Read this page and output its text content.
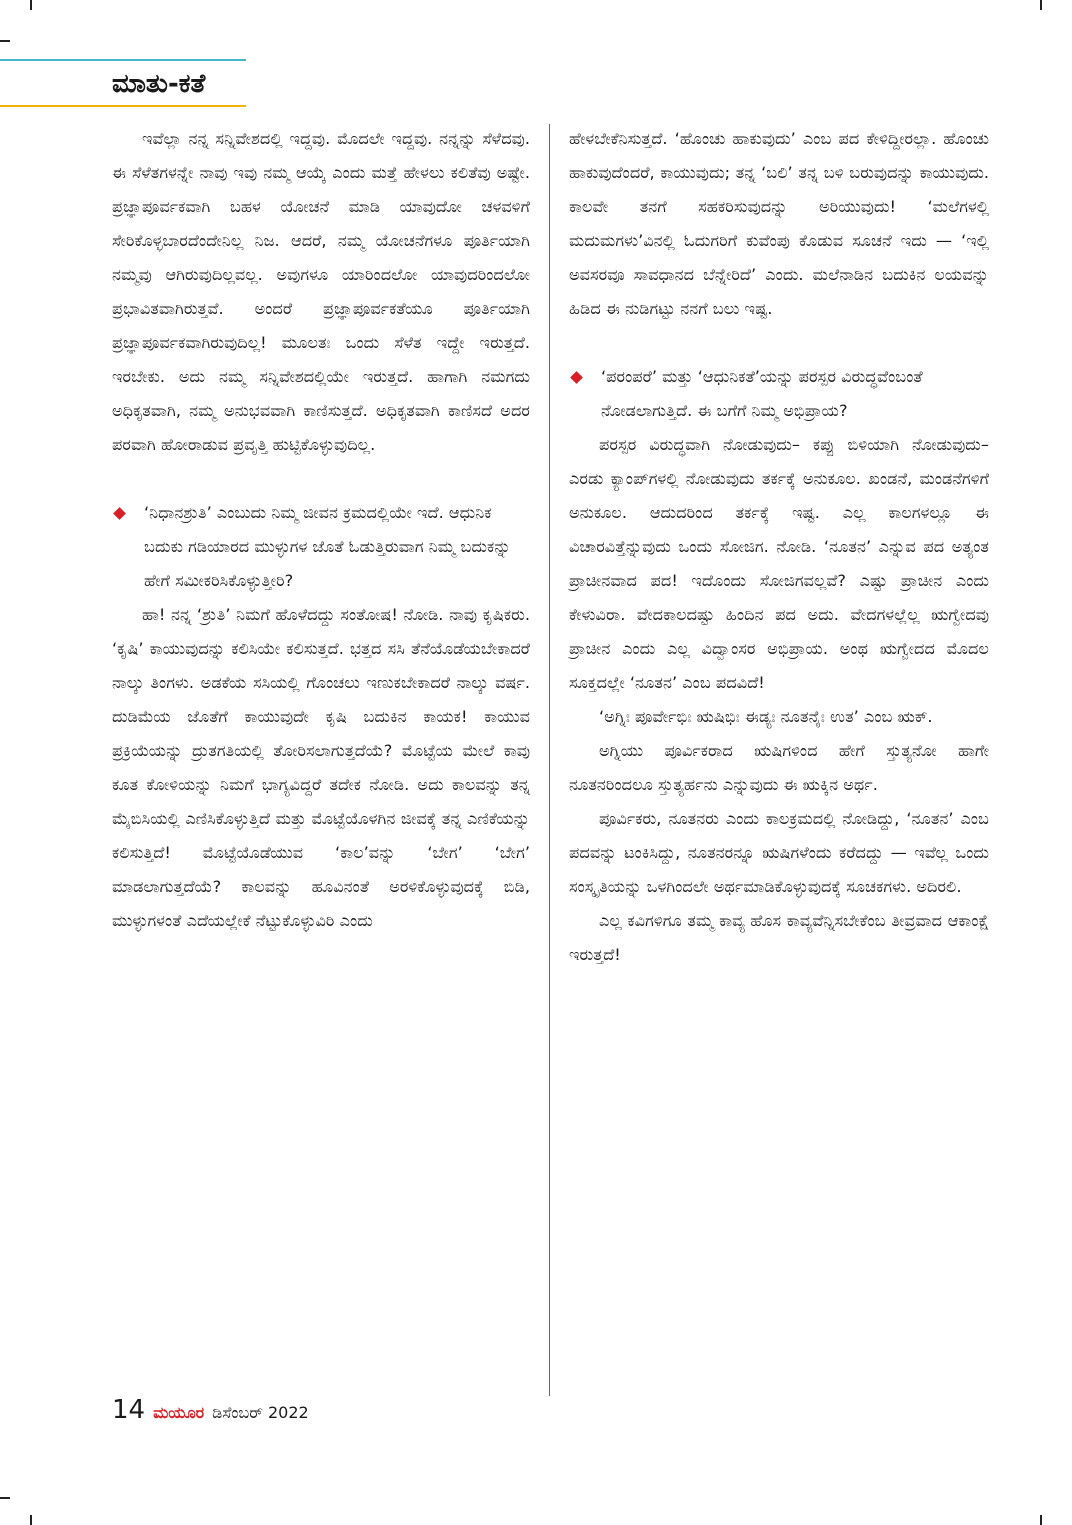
ಮಾತು-ಕತೆ

ಇವೆಲ್ಲಾ ನನ್ನ ಸನ್ನಿವೇಶದಲ್ಲಿ ಇದ್ದವು. ಮೊದಲೇ ಇದ್ದವು. ನನ್ನನ್ನು ಸೆಳೆದವು. ಈ ಸೆಳೆತಗಳನ್ನೇ ನಾವು ಇವು ನಮ್ಮ ಆಯ್ಕೆ ಎಂದು ಮತ್ತೆ ಹೇಳಲು ಕಲಿತೆವು ಅಷ್ಟೇ. ಪ್ರಜ್ಞಾಪೂರ್ವಕವಾಗಿ ಬಹಳ ಯೋಚನೆ ಮಾಡಿ ಯಾವುದೋ ಚಳವಳಿಗೆ ಸೇರಿಕೊಳ್ಳಬಾರದೆಂದೇನಿಲ್ಲ ನಿಜ. ಆದರೆ, ನಮ್ಮ ಯೋಚನೆಗಳೂ ಪೂರ್ತಿಯಾಗಿ ನಮ್ಮವು ಆಗಿರುವುದಿಲ್ಲವಲ್ಲ. ಅವುಗಳೂ ಯಾರಿಂದಲೋ ಯಾವುದರಿಂದಲೋ ಪ್ರಭಾವಿತವಾಗಿರುತ್ತವೆ. ಅಂದರೆ ಪ್ರಜ್ಞಾಪೂರ್ವಕತೆಯೂ ಪೂರ್ತಿಯಾಗಿ ಪ್ರಜ್ಞಾಪೂರ್ವಕವಾಗಿರುವುದಿಲ್ಲ! ಮೂಲತಃ ಒಂದು ಸೆಳೆತ ಇದ್ದೇ ಇರುತ್ತದೆ. ಇರಬೇಕು. ಅದು ನಮ್ಮ ಸನ್ನಿವೇಶದಲ್ಲಿಯೇ ಇರುತ್ತದೆ. ಹಾಗಾಗಿ ನಮಗದು ಅಧಿಕೃತವಾಗಿ, ನಮ್ಮ ಅನುಭವವಾಗಿ ಕಾಣಿಸುತ್ತದೆ. ಅಧಿಕೃತವಾಗಿ ಕಾಣಿಸದೆ ಅದರ ಪರವಾಗಿ ಹೋರಾಡುವ ಪ್ರವೃತ್ತಿ ಹುಟ್ಟಿಕೊಳ್ಳುವುದಿಲ್ಲ.

‘ನಿಧಾನಶ್ರುತಿ’ ಎಂಬುದು ನಿಮ್ಮ ಜೀವನ ಕ್ರಮದಲ್ಲಿಯೇ ಇದೆ. ಆಧುನಿಕ ಬದುಕು ಗಡಿಯಾರದ ಮುಳ್ಳುಗಳ ಜೊತೆ ಓಡುತ್ತಿರುವಾಗ ನಿಮ್ಮ ಬದುಕನ್ನು ಹೇಗೆ ಸಮೀಕರಿಸಿಕೊಳ್ಳುತ್ತೀರಿ?

ಹಾ! ನನ್ನ ‘ಶ್ರುತಿ’ ನಿಮಗೆ ಹೊಳೆದದ್ದು ಸಂತೋಷ! ನೋಡಿ. ನಾವು ಕೃಷಿಕರು. ‘ಕೃಷಿ’ ಕಾಯುವುದನ್ನು ಕಲಿಸಿಯೇ ಕಲಿಸುತ್ತದೆ. ಭತ್ತದ ಸಸಿ ತೆನೆಯೊಡೆಯಬೇಕಾದರೆ ನಾಲ್ಕು ತಿಂಗಳು. ಅಡಕೆಯ ಸಸಿಯಲ್ಲಿ ಗೊಂಚಲು ಇಣುಕಬೇಕಾದರೆ ನಾಲ್ಕು ವರ್ಷ. ದುಡಿಮೆಯ ಜೊತೆಗೆ ಕಾಯುವುದೇ ಕೃಷಿ ಬದುಕಿನ ಕಾಯಕ! ಕಾಯುವ ಪ್ರಕ್ರಿಯೆಯನ್ನು ದ್ರುತಗತಿಯಲ್ಲಿ ತೋರಿಸಲಾಗುತ್ತದೆಯೆ? ಮೊಟ್ಟೆಯ ಮೇಲೆ ಕಾವು ಕೂತ ಕೋಳಿಯನ್ನು ನಿಮಗೆ ಭಾಗ್ಯವಿದ್ದರೆ ತದೇಕ ನೋಡಿ. ಅದು ಕಾಲವನ್ನು ತನ್ನ ಮೈಬಿಸಿಯಲ್ಲಿ ಎಣಿಸಿಕೊಳ್ಳುತ್ತಿದೆ ಮತ್ತು ಮೊಟ್ಟೆಯೊಳಗಿನ ಜೀವಕ್ಕೆ ತನ್ನ ಎಣಿಕೆಯನ್ನು ಕಲಿಸುತ್ತಿದೆ! ಮೊಟ್ಟೆಯೊಡೆಯುವ ‘ಕಾಲ’ವನ್ನು ‘ಬೇಗ’ ‘ಬೇಗ’ ಮಾಡಲಾಗುತ್ತದೆಯೆ? ಕಾಲವನ್ನು ಹೂವಿನಂತೆ ಅರಳಿಕೊಳ್ಳುವುದಕ್ಕೆ ಬಿಡಿ, ಮುಳ್ಳುಗಳಂತೆ ಎದೆಯಲ್ಲೇಕೆ ನೆಟ್ಟುಕೊಳ್ಳುವಿರಿ ಎಂದು

ಹೇಳಬೇಕೆನಿಸುತ್ತದೆ. ‘ಹೊಂಚು ಹಾಕುವುದು’ ಎಂಬ ಪದ ಕೇಳಿದ್ದೀರಲ್ಲಾ. ಹೊಂಚು ಹಾಕುವುದೆಂದರೆ, ಕಾಯುವುದು; ತನ್ನ ‘ಬಲಿ’ ತನ್ನ ಬಳಿ ಬರುವುದನ್ನು ಕಾಯುವುದು. ಕಾಲವೇ ತನಗೆ ಸಹಕರಿಸುವುದನ್ನು ಅರಿಯುವುದು! ‘ಮಲೆಗಳಲ್ಲಿ ಮದುಮಗಳು’ವಿನಲ್ಲಿ ಓದುಗರಿಗೆ ಕುವೆಂಪು ಕೊಡುವ ಸೂಚನೆ ಇದು — ‘ಇಲ್ಲಿ ಅವಸರವೂ ಸಾವಧಾನದ ಬೆನ್ನೇರಿದೆ’ ಎಂದು. ಮಲೆನಾಡಿನ ಬದುಕಿನ ಲಯವನ್ನು ಹಿಡಿದ ಈ ನುಡಿಗಟ್ಟು ನನಗೆ ಬಲು ಇಷ್ಟ.

‘ಪರಂಪರೆ’ ಮತ್ತು ‘ಆಧುನಿಕತೆ’ಯನ್ನು ಪರಸ್ಪರ ವಿರುದ್ಧವೆಂಬಂತೆ ನೋಡಲಾಗುತ್ತಿದೆ. ಈ ಬಗೆಗೆ ನಿಮ್ಮ ಅಭಿಪ್ರಾಯ?

ಪರಸ್ಪರ ವಿರುದ್ಧವಾಗಿ ನೋಡುವುದು– ಕಪ್ಪು ಬಿಳಿಯಾಗಿ ನೋಡುವುದು– ಎರಡು ಕ್ಯಾಂಪ್‌ಗಳಲ್ಲಿ ನೋಡುವುದು ತರ್ಕಕ್ಕೆ ಅನುಕೂಲ. ಖಂಡನೆ, ಮಂಡನೆಗಳಿಗೆ ಅನುಕೂಲ. ಆದುದರಿಂದ ತರ್ಕಕ್ಕೆ ಇಷ್ಟ. ಎಲ್ಲ ಕಾಲಗಳಲ್ಲೂ ಈ ವಿಚಾರವಿತ್ತೆನ್ನುವುದು ಒಂದು ಸೋಜಿಗ. ನೋಡಿ. ‘ನೂತನ’ ಎನ್ನುವ ಪದ ಅತ್ಯಂತ ಪ್ರಾಚೀನವಾದ ಪದ! ಇದೊಂದು ಸೋಜಿಗವಲ್ಲವೆ? ಎಷ್ಟು ಪ್ರಾಚೀನ ಎಂದು ಕೇಳುವಿರಾ. ವೇದಕಾಲದಷ್ಟು ಹಿಂದಿನ ಪದ ಅದು. ವೇದಗಳಲ್ಲೆಲ್ಲ ಋಗ್ವೇದವು ಪ್ರಾಚೀನ ಎಂದು ಎಲ್ಲ ವಿದ್ವಾಂಸರ ಅಭಿಪ್ರಾಯ. ಅಂಥ ಋಗ್ವೇದದ ಮೊದಲ ಸೂಕ್ತದಲ್ಲೇ ‘ನೂತನ’ ಎಂಬ ಪದವಿದೆ!

‘ಅಗ್ನಿಃ ಪೂರ್ವೇಭಿಃ ಋಷಿಭಿಃ ಈಡ್ಯಃ ನೂತನೈಃ ಉತ’ ಎಂಬ ಋಕ್.

ಅಗ್ನಿಯು ಪೂರ್ವಿಕರಾದ ಋಷಿಗಳಿಂದ ಹೇಗೆ ಸ್ತುತ್ಯನೋ ಹಾಗೇ ನೂತನರಿಂದಲೂ ಸ್ತುತ್ಯರ್ಹನು ಎನ್ನುವುದು ಈ ಋಕ್ಕಿನ ಅರ್ಥ.

ಪೂರ್ವಿಕರು, ನೂತನರು ಎಂದು ಕಾಲಕ್ರಮದಲ್ಲಿ ನೋಡಿದ್ದು, ‘ನೂತನ’ ಎಂಬ ಪದವನ್ನು ಟಂಕಿಸಿದ್ದು, ನೂತನರನ್ನೂ ಋಷಿಗಳೆಂದು ಕರೆದದ್ದು — ಇವೆಲ್ಲ ಒಂದು ಸಂಸ್ಕೃತಿಯನ್ನು ಒಳಗಿಂದಲೇ ಅರ್ಥಮಾಡಿಕೊಳ್ಳುವುದಕ್ಕೆ ಸೂಚಕಗಳು. ಅದಿರಲಿ.

ಎಲ್ಲ ಕವಿಗಳಿಗೂ ತಮ್ಮ ಕಾವ್ಯ ಹೊಸ ಕಾವ್ಯವೆನ್ನಿಸಬೇಕೆಂಬ ತೀವ್ರವಾದ ಆಕಾಂಕ್ಷೆ ಇರುತ್ತದೆ!

14 ಮಯೂರ ಡಿಸೆಂಬರ್ 2022
